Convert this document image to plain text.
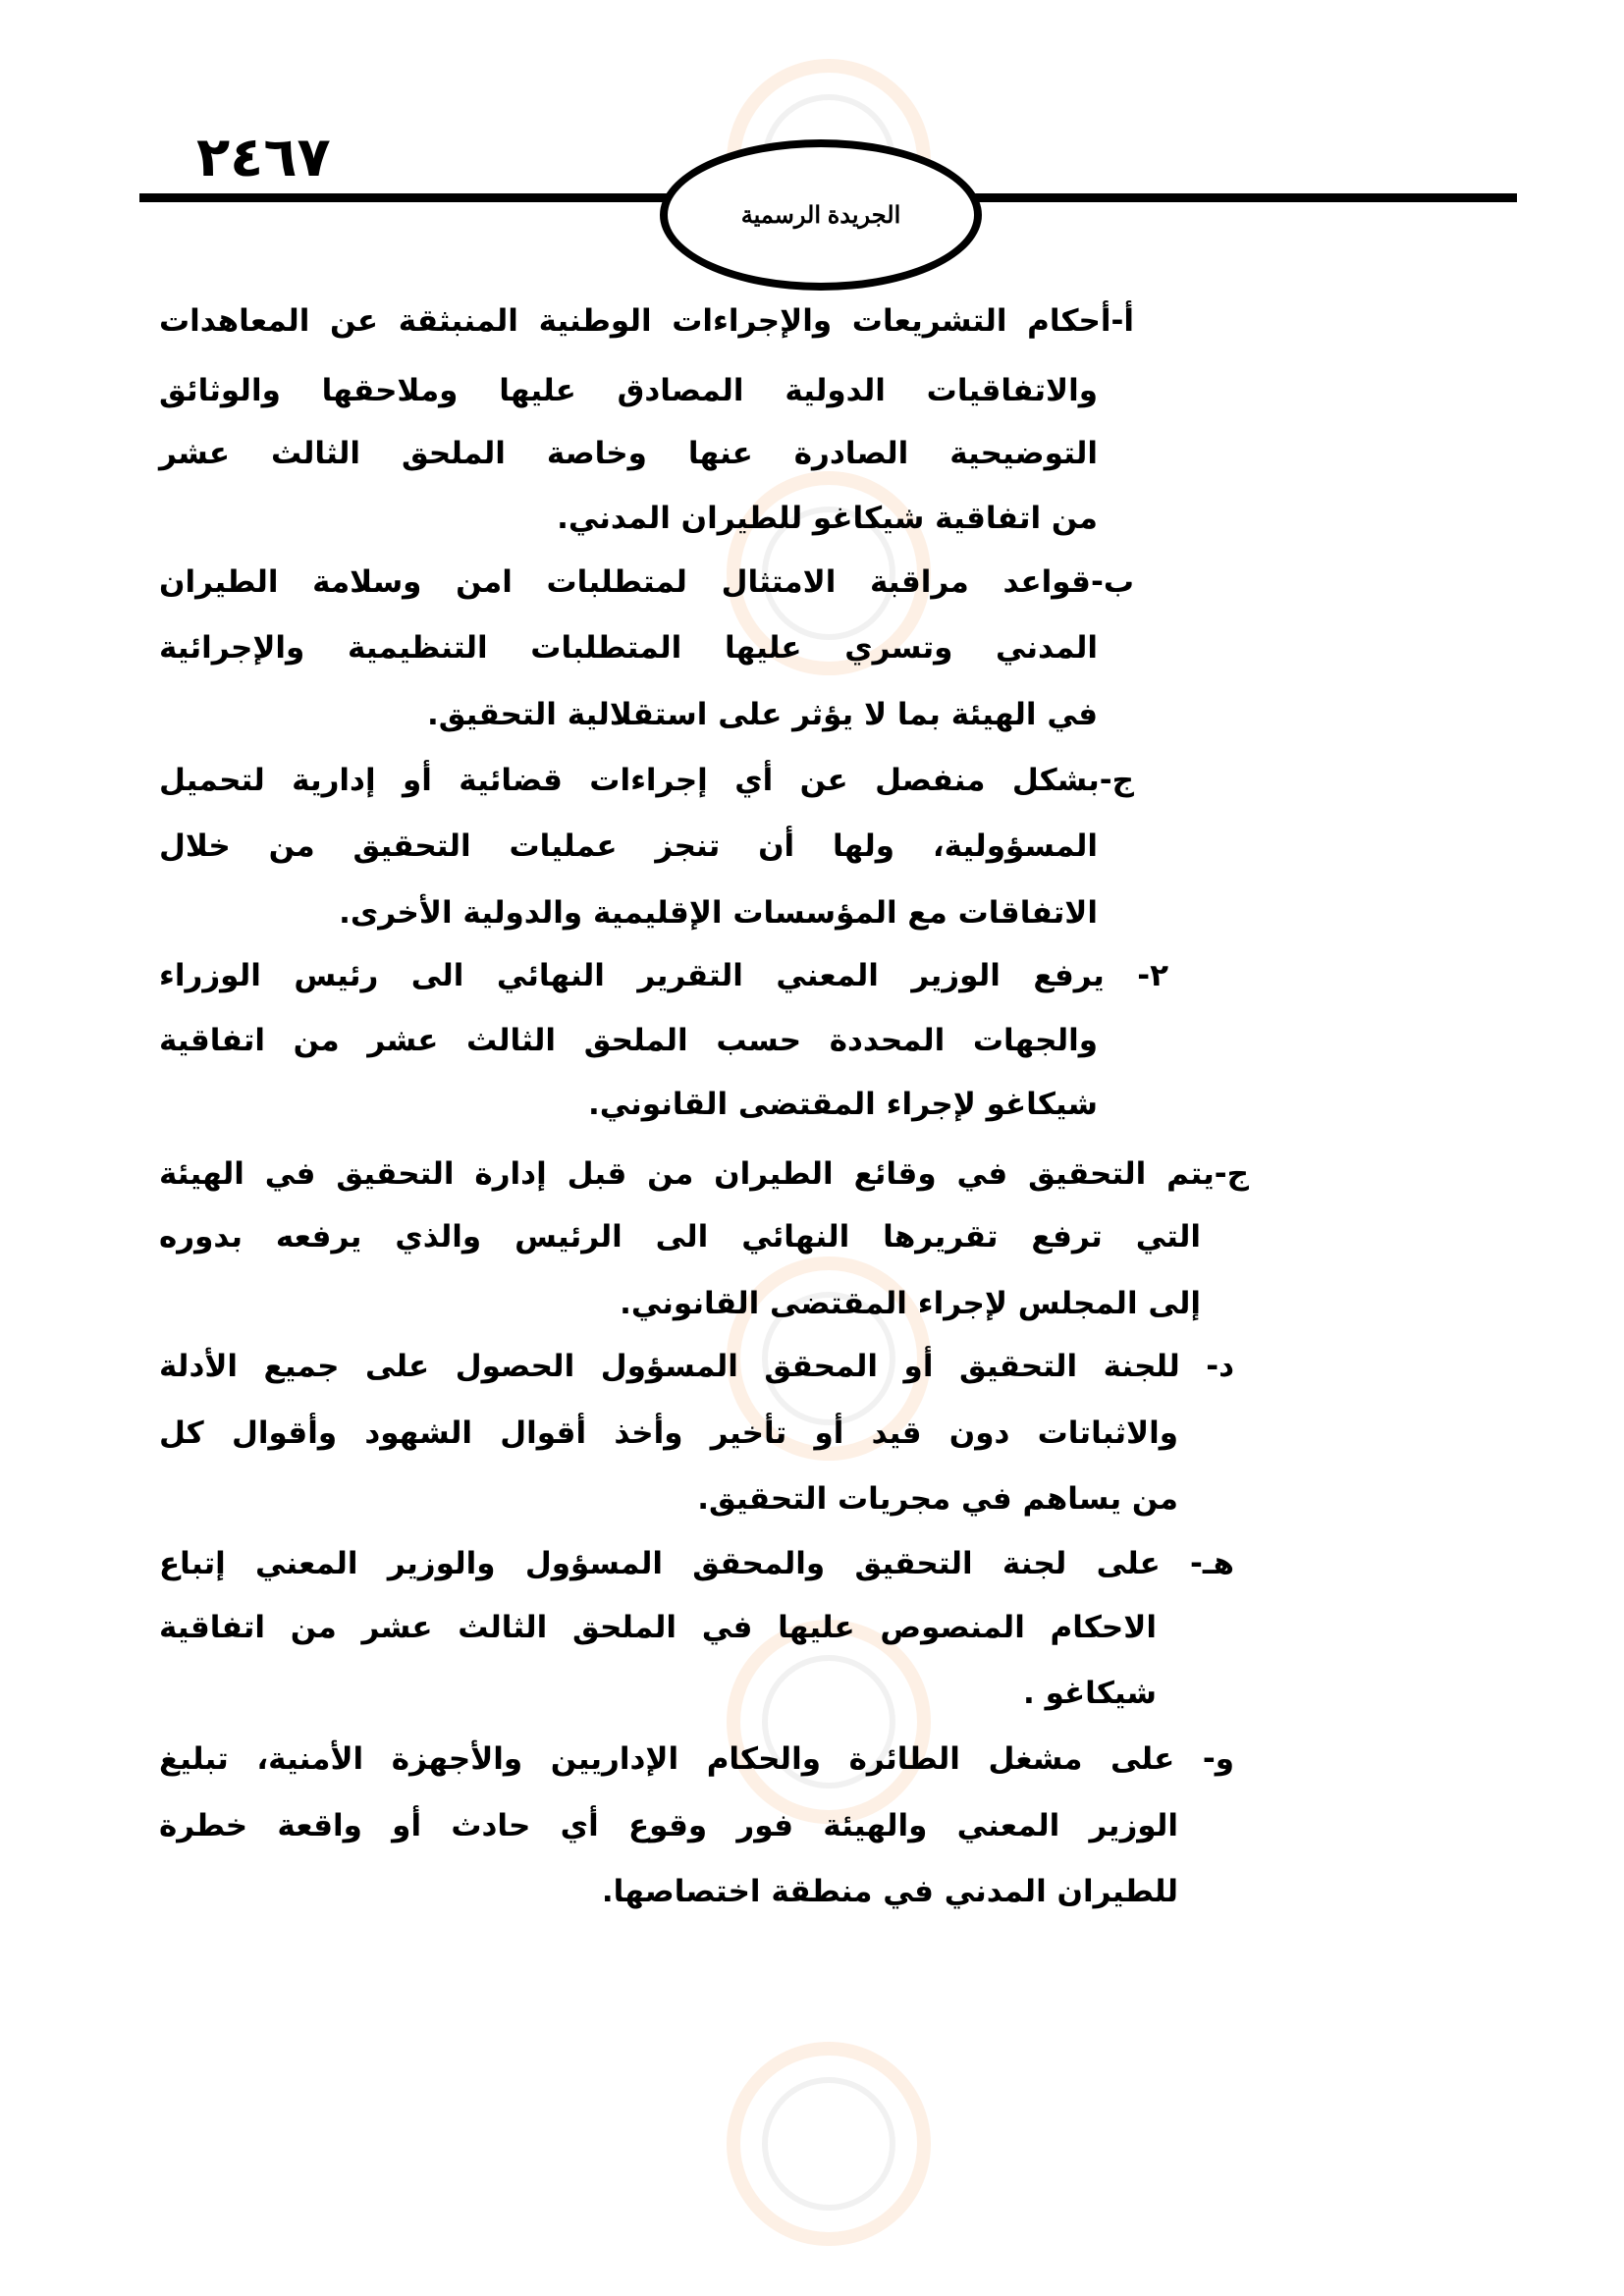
الجريدة الرسمية
٢٤٦٧
أ-أحكام التشريعات والإجراءات الوطنية المنبثقة عن المعاهدات
والاتفاقيات الدولية المصادق عليها وملاحقها والوثائق
التوضيحية الصادرة عنها وخاصة الملحق الثالث عشر
من اتفاقية شيكاغو للطيران المدني.
ب-قواعد مراقبة الامتثال لمتطلبات امن وسلامة الطيران
المدني وتسري عليها المتطلبات التنظيمية والإجرائية
في الهيئة بما لا يؤثر على استقلالية التحقيق.
ج-بشكل منفصل عن أي إجراءات قضائية أو إدارية لتحميل
المسؤولية، ولها أن تنجز عمليات التحقيق من خلال
الاتفاقات مع المؤسسات الإقليمية والدولية الأخرى.
٢- يرفع الوزير المعني التقرير النهائي الى رئيس الوزراء
والجهات المحددة حسب الملحق الثالث عشر من اتفاقية
شيكاغو لإجراء المقتضى القانوني.
ج-يتم التحقيق في وقائع الطيران من قبل إدارة التحقيق في الهيئة
التي ترفع تقريرها النهائي الى الرئيس والذي يرفعه بدوره
إلى المجلس لإجراء المقتضى القانوني.
د- للجنة التحقيق أو المحقق المسؤول الحصول على جميع الأدلة
والاثباتات دون قيد أو تأخير وأخذ أقوال الشهود وأقوال كل
من يساهم في مجريات التحقيق.
هـ- على لجنة التحقيق والمحقق المسؤول والوزير المعني إتباع
الاحكام المنصوص عليها في الملحق الثالث عشر من اتفاقية
شيكاغو .
و- على مشغل الطائرة والحكام الإداريين والأجهزة الأمنية، تبليغ
الوزير المعني والهيئة فور وقوع أي حادث أو واقعة خطرة
للطيران المدني في منطقة اختصاصها.
